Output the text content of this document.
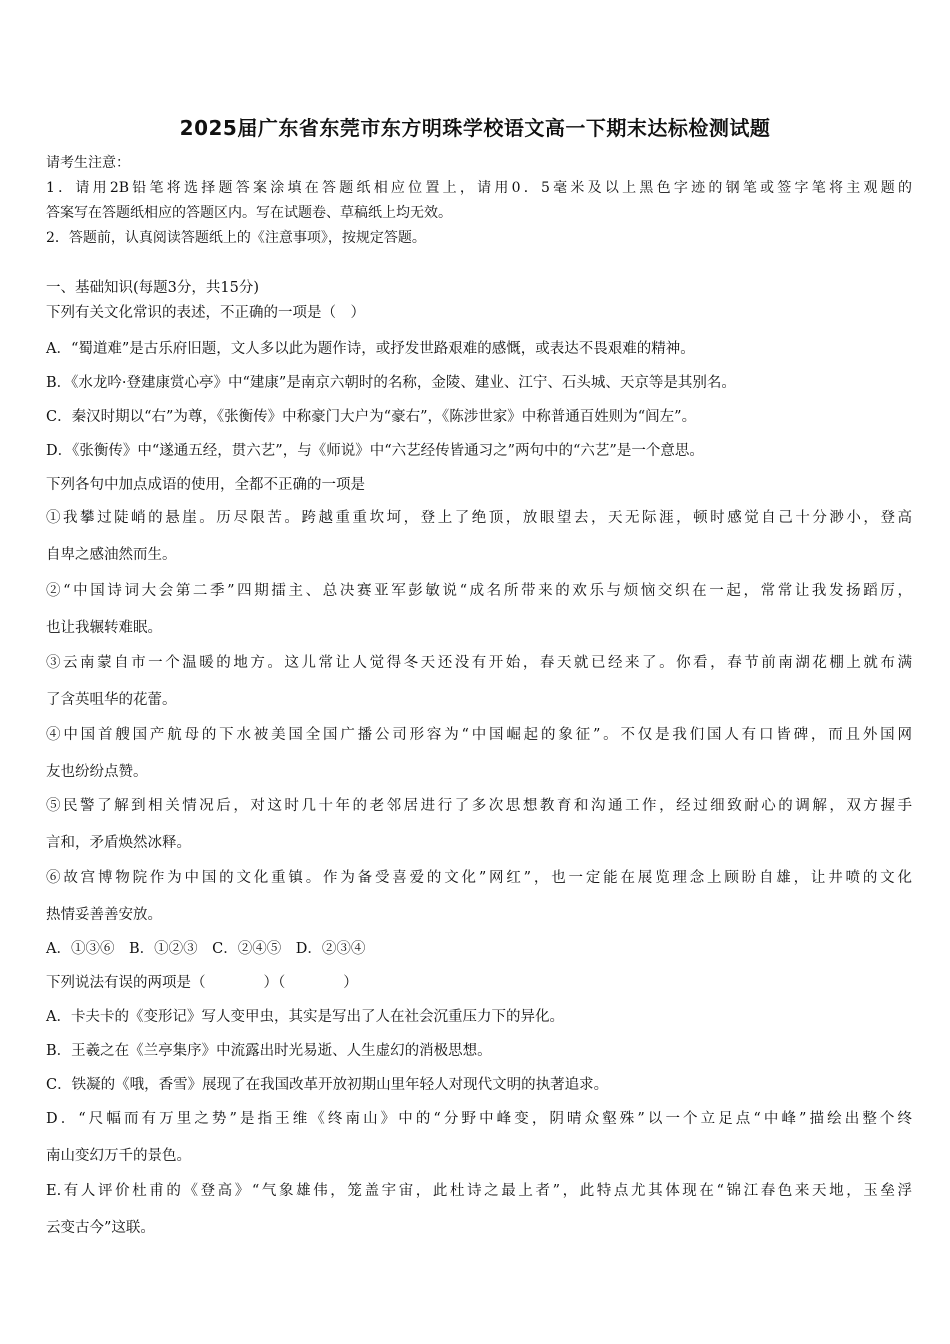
2025届广东省东莞市东方明珠学校语文高一下期末达标检测试题
请考生注意：
1．请用2B铅笔将选择题答案涂填在答题纸相应位置上，请用0．5毫米及以上黑色字迹的钢笔或签字笔将主观题的
答案写在答题纸相应的答题区内。写在试题卷、草稿纸上均无效。
2．答题前，认真阅读答题纸上的《注意事项》，按规定答题。
一、基础知识(每题3分，共15分)
下列有关文化常识的表述，不正确的一项是（　）
A．“蜀道难”是古乐府旧题，文人多以此为题作诗，或抒发世路艰难的感慨，或表达不畏艰难的精神。
B．《水龙吟·登建康赏心亭》中“建康”是南京六朝时的名称，金陵、建业、江宁、石头城、天京等是其别名。
C．秦汉时期以“右”为尊，《张衡传》中称豪门大户为“豪右”，《陈涉世家》中称普通百姓则为“闾左”。
D．《张衡传》中“遂通五经，贯六艺”，与《师说》中“六艺经传皆通习之”两句中的“六艺”是一个意思。
下列各句中加点成语的使用，全都不正确的一项是
①我攀过陡峭的悬崖。历尽限苦。跨越重重坎坷，登上了绝顶，放眼望去，天无际涯，顿时感觉自己十分渺小，登高
自卑之感油然而生。
②“中国诗词大会第二季”四期擂主、总决赛亚军彭敏说“成名所带来的欢乐与烦恼交织在一起，常常让我发扬蹈厉，
也让我辗转难眠。
③云南蒙自市一个温暖的地方。这儿常让人觉得冬天还没有开始，春天就已经来了。你看，春节前南湖花棚上就布满
了含英咀华的花蕾。
④中国首艘国产航母的下水被美国全国广播公司形容为“中国崛起的象征”。不仅是我们国人有口皆碑，而且外国网
友也纷纷点赞。
⑤民警了解到相关情况后，对这时几十年的老邻居进行了多次思想教育和沟通工作，经过细致耐心的调解，双方握手
言和，矛盾焕然冰释。
⑥故宫博物院作为中国的文化重镇。作为备受喜爱的文化”网红”，也一定能在展览理念上顾盼自雄，让井喷的文化
热情妥善善安放。
A．①③⑥　B．①②③　C．②④⑤　D．②③④
下列说法有误的两项是（　　　　）（　　　　）
A．卡夫卡的《变形记》写人变甲虫，其实是写出了人在社会沉重压力下的异化。
B．王羲之在《兰亭集序》中流露出时光易逝、人生虚幻的消极思想。
C．铁凝的《哦，香雪》展现了在我国改革开放初期山里年轻人对现代文明的执著追求。
D．“尺幅而有万里之势”是指王维《终南山》中的“分野中峰变，阴晴众壑殊”以一个立足点“中峰”描绘出整个终
南山变幻万千的景色。
E.有人评价杜甫的《登高》“气象雄伟，笼盖宇宙，此杜诗之最上者”，此特点尤其体现在“锦江春色来天地，玉垒浮
云变古今”这联。
